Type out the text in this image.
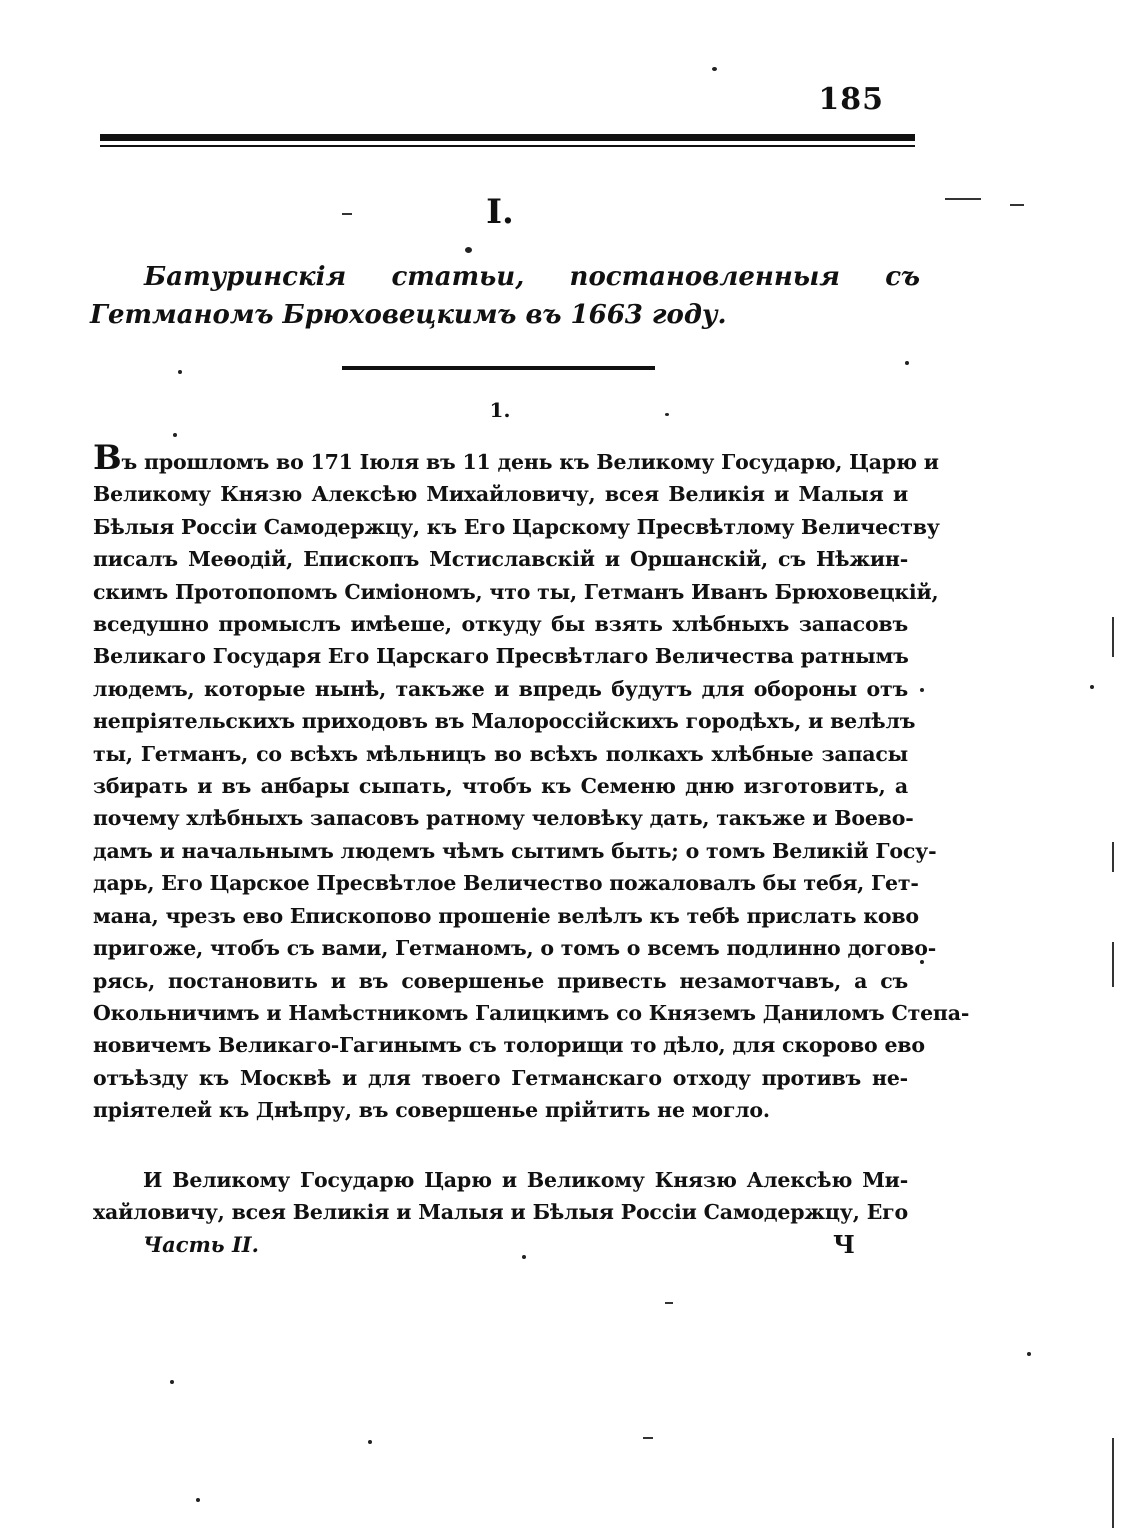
185
I.
Батуринскія статьи, постановленныя съ Гетманомъ Брюховецкимъ въ 1663 году.
1.
Въ прошломъ во 171 Іюля въ 11 день къ Великому Государю, Царю и
Великому Князю Алексѣю Михайловичу, всея Великія и Малыя и
Бѣлыя Россіи Самодержцу, къ Его Царскому Пресвѣтлому Величеству
писалъ Меѳодій, Епископъ Мстиславскій и Оршанскій, съ Нѣжин-
скимъ Протопопомъ Симіономъ, что ты, Гетманъ Иванъ Брюховецкій,
вседушно промыслъ имѣеше, откуду бы взять хлѣбныхъ запасовъ
Великаго Государя Его Царскаго Пресвѣтлаго Величества ратнымъ
людемъ, которые нынѣ, такъже и впредь будутъ для обороны отъ
непріятельскихъ приходовъ въ Малороссійскихъ городѣхъ, и велѣлъ
ты, Гетманъ, со всѣхъ мѣльницъ во всѣхъ полкахъ хлѣбные запасы
збирать и въ анбары сыпать, чтобъ къ Семеню дню изготовить, а
почему хлѣбныхъ запасовъ ратному человѣку дать, такъже и Воево-
дамъ и начальнымъ людемъ чѣмъ сытимъ быть; о томъ Великій Госу-
дарь, Его Царское Пресвѣтлое Величество пожаловалъ бы тебя, Гет-
мана, чрезъ ево Епископово прошеніе велѣлъ къ тебѣ прислать ково
пригоже, чтобъ съ вами, Гетманомъ, о томъ о всемъ подлинно догово-
рясь, постановить и въ совершенье привесть незамотчавъ, а съ
Окольничимъ и Намѣстникомъ Галицкимъ со Княземъ Даниломъ Степа-
новичемъ Великаго-Гагинымъ съ толорищи то дѣло, для скорово ево
отъѣзду къ Москвѣ и для твоего Гетманскаго отходу противъ не-
пріятелей къ Днѣпру, въ совершенье прійтить не могло.
И Великому Государю Царю и Великому Князю Алексѣю Ми-
хайловичу, всея Великія и Малыя и Бѣлыя Россіи Самодержцу, Его
Часть II.	Ч
